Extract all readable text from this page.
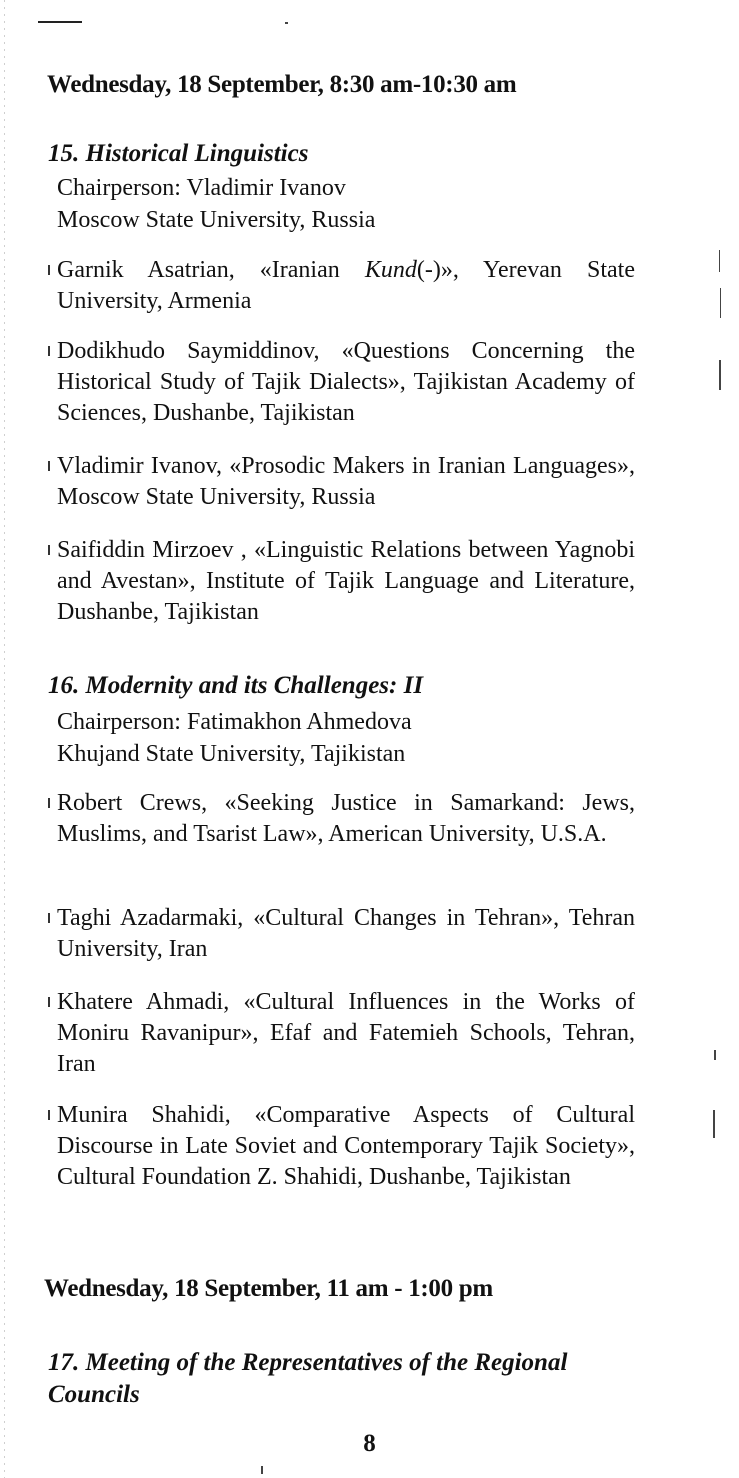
Wednesday, 18 September, 8:30 am-10:30 am
15. Historical Linguistics
Chairperson: Vladimir Ivanov
Moscow State University, Russia
Garnik Asatrian, «Iranian Kund(-)», Yerevan State University, Armenia
Dodikhudo Saymiddinov, «Questions Concerning the Historical Study of Tajik Dialects», Tajikistan Academy of Sciences, Dushanbe, Tajikistan
Vladimir Ivanov, «Prosodic Makers in Iranian Languages», Moscow State University, Russia
Saifiddin Mirzoev , «Linguistic Relations between Yagnobi and Avestan», Institute of Tajik Language and Literature, Dushanbe, Tajikistan
16. Modernity and its Challenges: II
Chairperson: Fatimakhon Ahmedova
Khujand State University, Tajikistan
Robert Crews, «Seeking Justice in Samarkand: Jews, Muslims, and Tsarist Law», American University, U.S.A.
Taghi Azadarmaki, «Cultural Changes in Tehran», Tehran University, Iran
Khatere Ahmadi, «Cultural Influences in the Works of Moniru Ravanipur», Efaf and Fatemieh Schools, Tehran, Iran
Munira Shahidi, «Comparative Aspects of Cultural Discourse in Late Soviet and Contemporary Tajik Society», Cultural Foundation Z. Shahidi, Dushanbe, Tajikistan
Wednesday, 18 September, 11 am - 1:00 pm
17. Meeting of the Representatives of the Regional Councils
8
